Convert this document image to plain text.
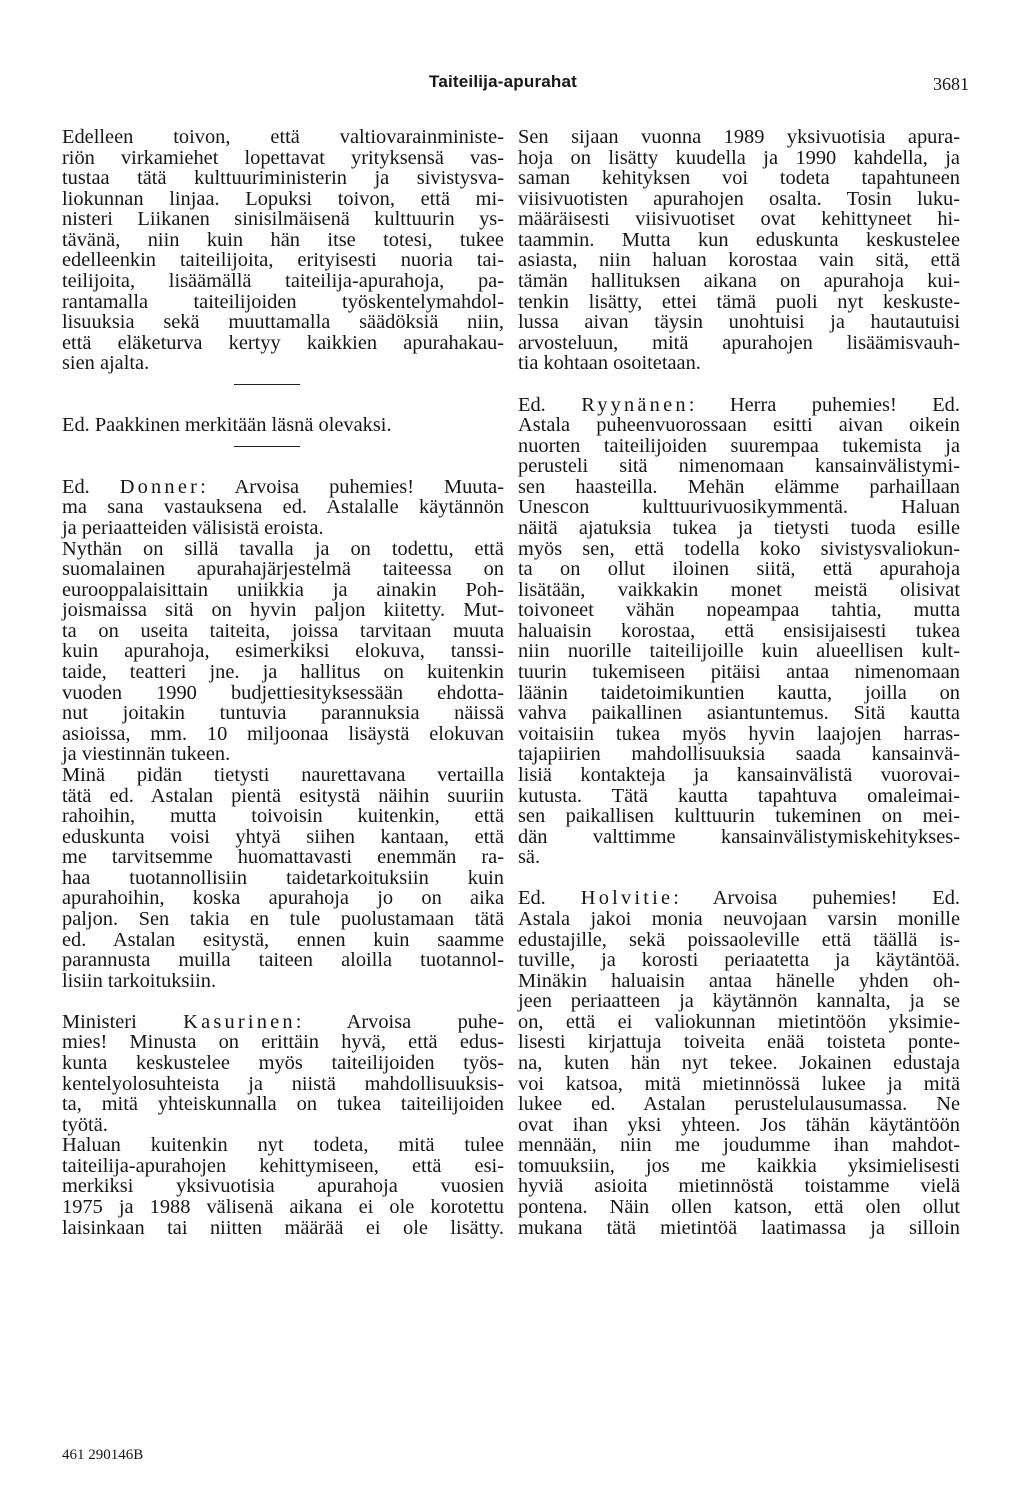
Taiteilija-apurahat	3681
Edelleen toivon, että valtiovarainministe-
riön virkamiehet lopettavat yrityksensä vas-
tustaa tätä kulttuuriministerin ja sivistysva-
liokunnan linjaa. Lopuksi toivon, että mi-
nisteri Liikanen sinisilmäisenä kulttuurin ys-
tävänä, niin kuin hän itse totesi, tukee
edelleenkin taiteilijoita, erityisesti nuoria tai-
teilijoita, lisäämällä taiteilija-apurahoja, pa-
rantamalla taiteilijoiden työskentelymahdol-
lisuuksia sekä muuttamalla säädöksiä niin,
että eläketurva kertyy kaikkien apurahakau-
sien ajalta.
Ed. Paakkinen merkitään läsnä olevaksi.
Ed. Donner: Arvoisa puhemies! Muuta-
ma sana vastauksena ed. Astalalle käytännön
ja periaatteiden välisistä eroista.
Nythän on sillä tavalla ja on todettu, että
suomalainen apurahajärjestelmä taiteessa on
eurooppalaisittain uniikkia ja ainakin Poh-
joismaissa sitä on hyvin paljon kiitetty. Mut-
ta on useita taiteita, joissa tarvitaan muuta
kuin apurahoja, esimerkiksi elokuva, tanssi-
taide, teatteri jne. ja hallitus on kuitenkin
vuoden 1990 budjettiesityksessään ehdotta-
nut joitakin tuntuvia parannuksia näissä
asioissa, mm. 10 miljoonaa lisäystä elokuvan
ja viestinnän tukeen.
Minä pidän tietysti naurettavana vertailla
tätä ed. Astalan pientä esitystä näihin suuriin
rahoihin, mutta toivoisin kuitenkin, että
eduskunta voisi yhtyä siihen kantaan, että
me tarvitsemme huomattavasti enemmän ra-
haa tuotannollisiin taidetarkoituksiin kuin
apurahoihin, koska apurahoja jo on aika
paljon. Sen takia en tule puolustamaan tätä
ed. Astalan esitystä, ennen kuin saamme
parannusta muilla taiteen aloilla tuotannol-
lisiin tarkoituksiin.
Ministeri Kasurinen: Arvoisa puhe-
mies! Minusta on erittäin hyvä, että edus-
kunta keskustelee myös taiteilijoiden työs-
kentelyolosuhteista ja niistä mahdollisuuksis-
ta, mitä yhteiskunnalla on tukea taiteilijoiden
työtä.
Haluan kuitenkin nyt todeta, mitä tulee
taiteilija-apurahojen kehittymiseen, että esi-
merkiksi yksivuotisia apurahoja vuosien
1975 ja 1988 välisenä aikana ei ole korotettu
laisinkaan tai niitten määrää ei ole lisätty.
Sen sijaan vuonna 1989 yksivuotisia apura-
hoja on lisätty kuudella ja 1990 kahdella, ja
saman kehityksen voi todeta tapahtuneen
viisivuotisten apurahojen osalta. Tosin luku-
määräisesti viisivuotiset ovat kehittyneet hi-
taammin. Mutta kun eduskunta keskustelee
asiasta, niin haluan korostaa vain sitä, että
tämän hallituksen aikana on apurahoja kui-
tenkin lisätty, ettei tämä puoli nyt keskuste-
lussa aivan täysin unohtuisi ja hautautuisi
arvosteluun, mitä apurahojen lisäämisvauh-
tia kohtaan osoitetaan.
Ed. Ryynänen: Herra puhemies! Ed.
Astala puheenvuorossaan esitti aivan oikein
nuorten taiteilijoiden suurempaa tukemista ja
perusteli sitä nimenomaan kansainvälistymi-
sen haasteilla. Mehän elämme parhaillaan
Unescon kulttuurivuosikymmentä. Haluan
näitä ajatuksia tukea ja tietysti tuoda esille
myös sen, että todella koko sivistysvaliokun-
ta on ollut iloinen siitä, että apurahoja
lisätään, vaikkakin monet meistä olisivat
toivoneet vähän nopeampaa tahtia, mutta
haluaisin korostaa, että ensisijaisesti tukea
niin nuorille taiteilijoille kuin alueellisen kult-
tuurin tukemiseen pitäisi antaa nimenomaan
läänin taidetoimikuntien kautta, joilla on
vahva paikallinen asiantuntemus. Sitä kautta
voitaisiin tukea myös hyvin laajojen harras-
tajapiirien mahdollisuuksia saada kansainvä-
lisiä kontakteja ja kansainvälistä vuorovai-
kutusta. Tätä kautta tapahtuva omaleimai-
sen paikallisen kulttuurin tukeminen on mei-
dän valttimme kansainvälistymiskehitykses-
sä.
Ed. Holvitie: Arvoisa puhemies! Ed.
Astala jakoi monia neuvojaan varsin monille
edustajille, sekä poissaoleville että täällä is-
tuville, ja korosti periaatetta ja käytäntöä.
Minäkin haluaisin antaa hänelle yhden oh-
jeen periaatteen ja käytännön kannalta, ja se
on, että ei valiokunnan mietintöön yksimie-
lisesti kirjattuja toiveita enää toisteta ponte-
na, kuten hän nyt tekee. Jokainen edustaja
voi katsoa, mitä mietinnössä lukee ja mitä
lukee ed. Astalan perustelulausumassa. Ne
ovat ihan yksi yhteen. Jos tähän käytäntöön
mennään, niin me joudumme ihan mahdot-
tomuuksiin, jos me kaikkia yksimielisesti
hyviä asioita mietinnöstä toistamme vielä
pontena. Näin ollen katson, että olen ollut
mukana tätä mietintöä laatimassa ja silloin
461 290146B
